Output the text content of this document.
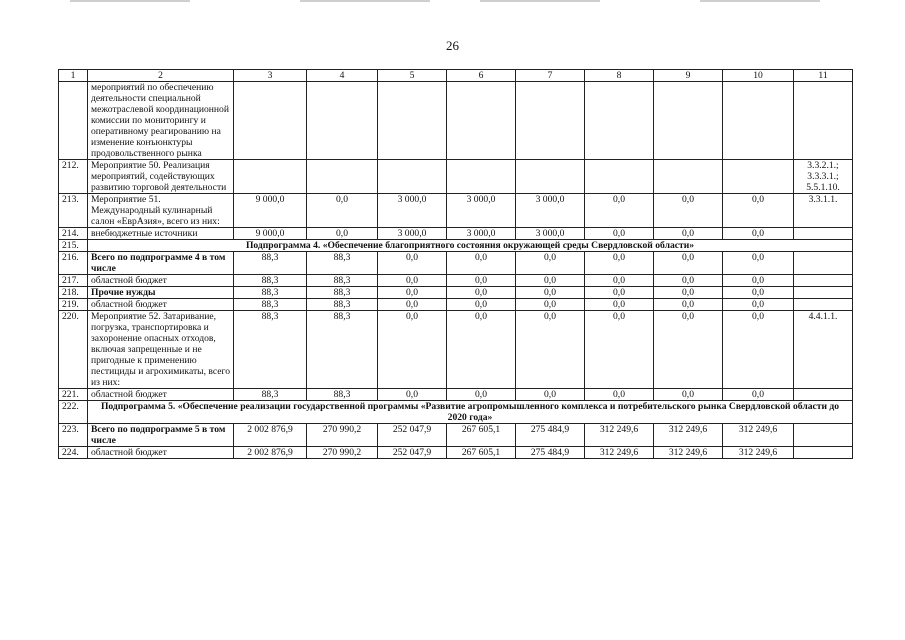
26
1	2	3	4	5	6	7	8	9	10	11
	мероприятий по обеспечению деятельности специальной межотраслевой координационной комиссии по мониторингу и оперативному реагированию на изменение конъюнктуры продовольственного рынка									
212.	Мероприятие 50. Реализация мероприятий, содействующих развитию торговой деятельности									3.3.2.1.; 3.3.3.1.; 5.5.1.10.
213.	Мероприятие 51. Международный кулинарный салон «ЕврАзия», всего из них:	9 000,0	0,0	3 000,0	3 000,0	3 000,0	0,0	0,0	0,0	3.3.1.1.
214.	внебюджетные источники	9 000,0	0,0	3 000,0	3 000,0	3 000,0	0,0	0,0	0,0	
215.	Подпрограмма 4. «Обеспечение благоприятного состояния окружающей среды Свердловской области»									
216.	Всего по подпрограмме 4 в том числе	88,3	88,3	0,0	0,0	0,0	0,0	0,0	0,0	
217.	областной бюджет	88,3	88,3	0,0	0,0	0,0	0,0	0,0	0,0	
218.	Прочие нужды	88,3	88,3	0,0	0,0	0,0	0,0	0,0	0,0	
219.	областной бюджет	88,3	88,3	0,0	0,0	0,0	0,0	0,0	0,0	
220.	Мероприятие 52. Затаривание, погрузка, транспортировка и захоронение опасных отходов, включая запрещенные и не пригодные к применению пестициды и агрохимикаты, всего из них:	88,3	88,3	0,0	0,0	0,0	0,0	0,0	0,0	4.4.1.1.
221.	областной бюджет	88,3	88,3	0,0	0,0	0,0	0,0	0,0	0,0	
222.	Подпрограмма 5. «Обеспечение реализации государственной программы «Развитие агропромышленного комплекса и потребительского рынка Свердловской области до 2020 года»									
223.	Всего по подпрограмме 5 в том числе	2 002 876,9	270 990,2	252 047,9	267 605,1	275 484,9	312 249,6	312 249,6	312 249,6	
224.	областной бюджет	2 002 876,9	270 990,2	252 047,9	267 605,1	275 484,9	312 249,6	312 249,6	312 249,6	
